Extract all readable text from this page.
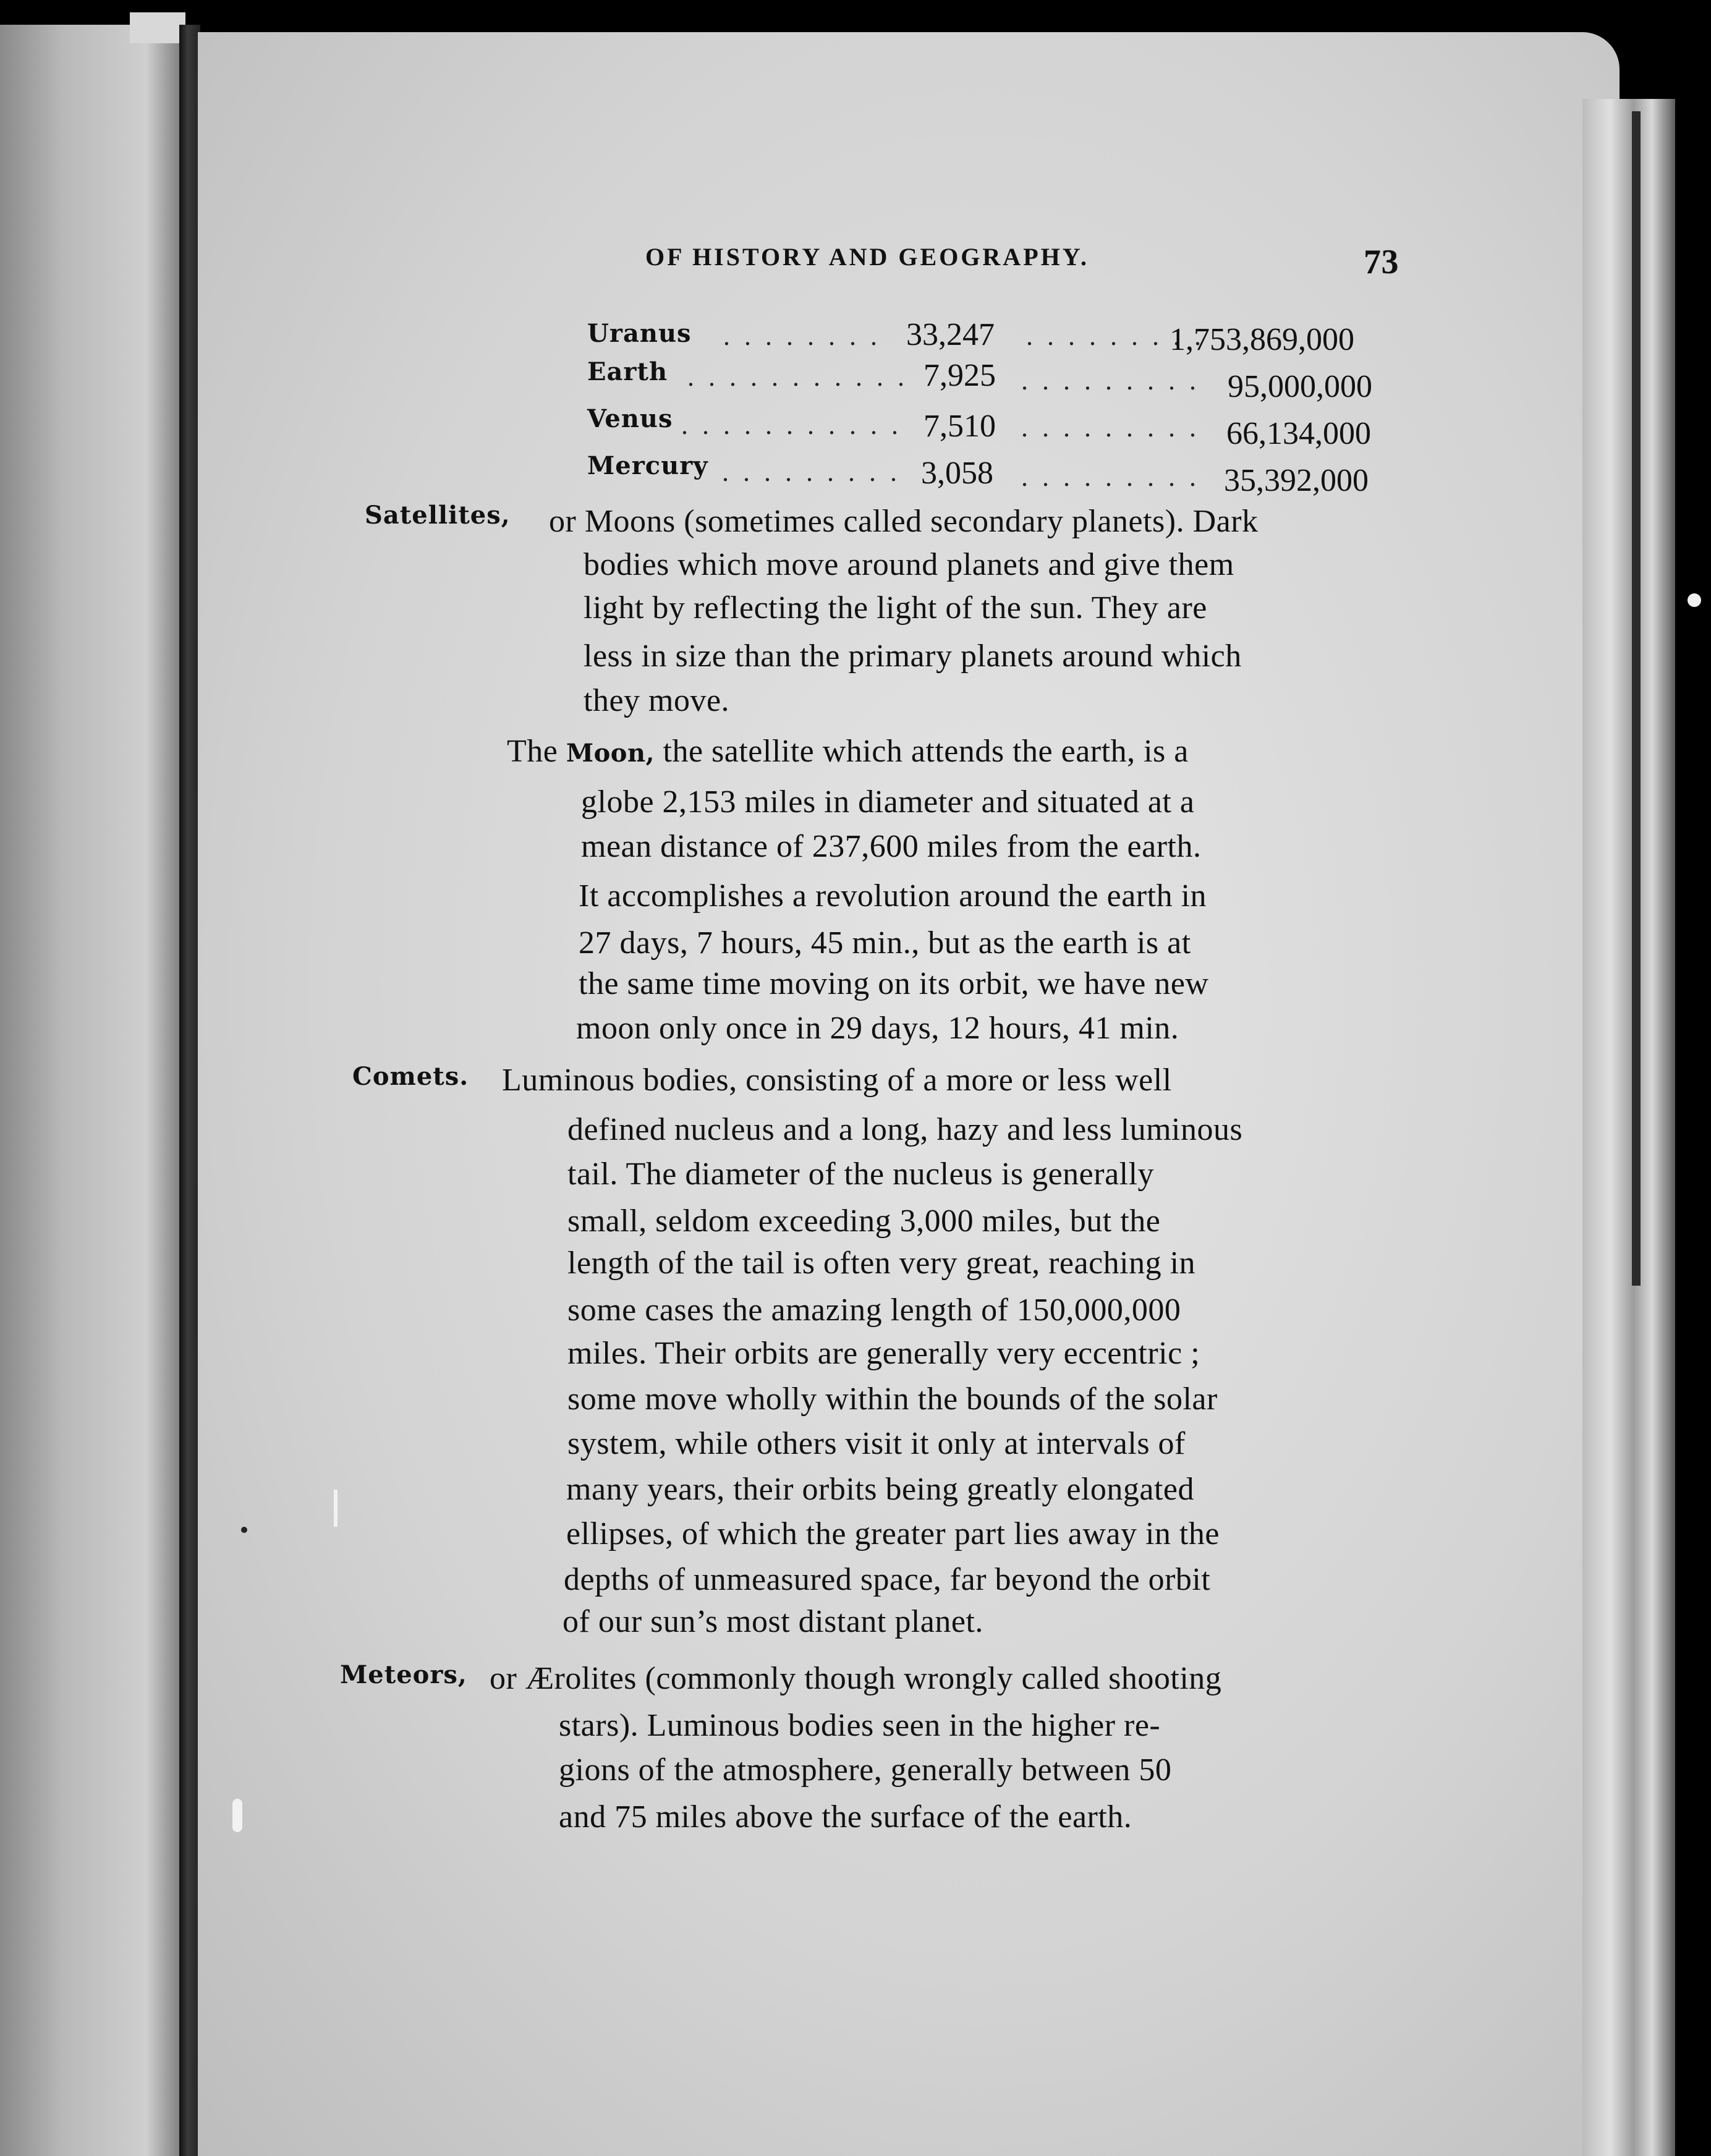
OF HISTORY AND GEOGRAPHY.	73

Uranus . . . . . . . . 33,247 . . . . . . . . .

1,753,869,000

Earth . . . . . . . . . . . 7,925 . . . . . . . . . 95,000,000

Venus . . . . . . . . . . . 7,510 . . . . . . . . . 66,134,000

Mercury . . . . . . . . . 3,058 . . . . . . . . . 35,392,000

Satellites, or Moons (sometimes called secondary planets). Dark

bodies which move around planets and give them

light by reflecting the light of the sun. They are

less in size than the primary planets around which

they move.

The Moon, the satellite which attends the earth, is a

globe 2,153 miles in diameter and situated at a

mean distance of 237,600 miles from the earth.

It accomplishes a revolution around the earth in

27 days, 7 hours, 45 min., but as the earth is at

the same time moving on its orbit, we have new

moon only once in 29 days, 12 hours, 41 min.

Comets. Luminous bodies, consisting of a more or less well

defined nucleus and a long, hazy and less luminous

tail. The diameter of the nucleus is generally

small, seldom exceeding 3,000 miles, but the

length of the tail is often very great, reaching in

some cases the amazing length of 150,000,000

miles. Their orbits are generally very eccentric ;

some move wholly within the bounds of the solar

system, while others visit it only at intervals of

many years, their orbits being greatly elongated

ellipses, of which the greater part lies away in the

depths of unmeasured space, far beyond the orbit

of our sun’s most distant planet.

Meteors, or Ærolites (commonly though wrongly called shooting

stars). Luminous bodies seen in the higher re-

gions of the atmosphere, generally between 50

and 75 miles above the surface of the earth.
